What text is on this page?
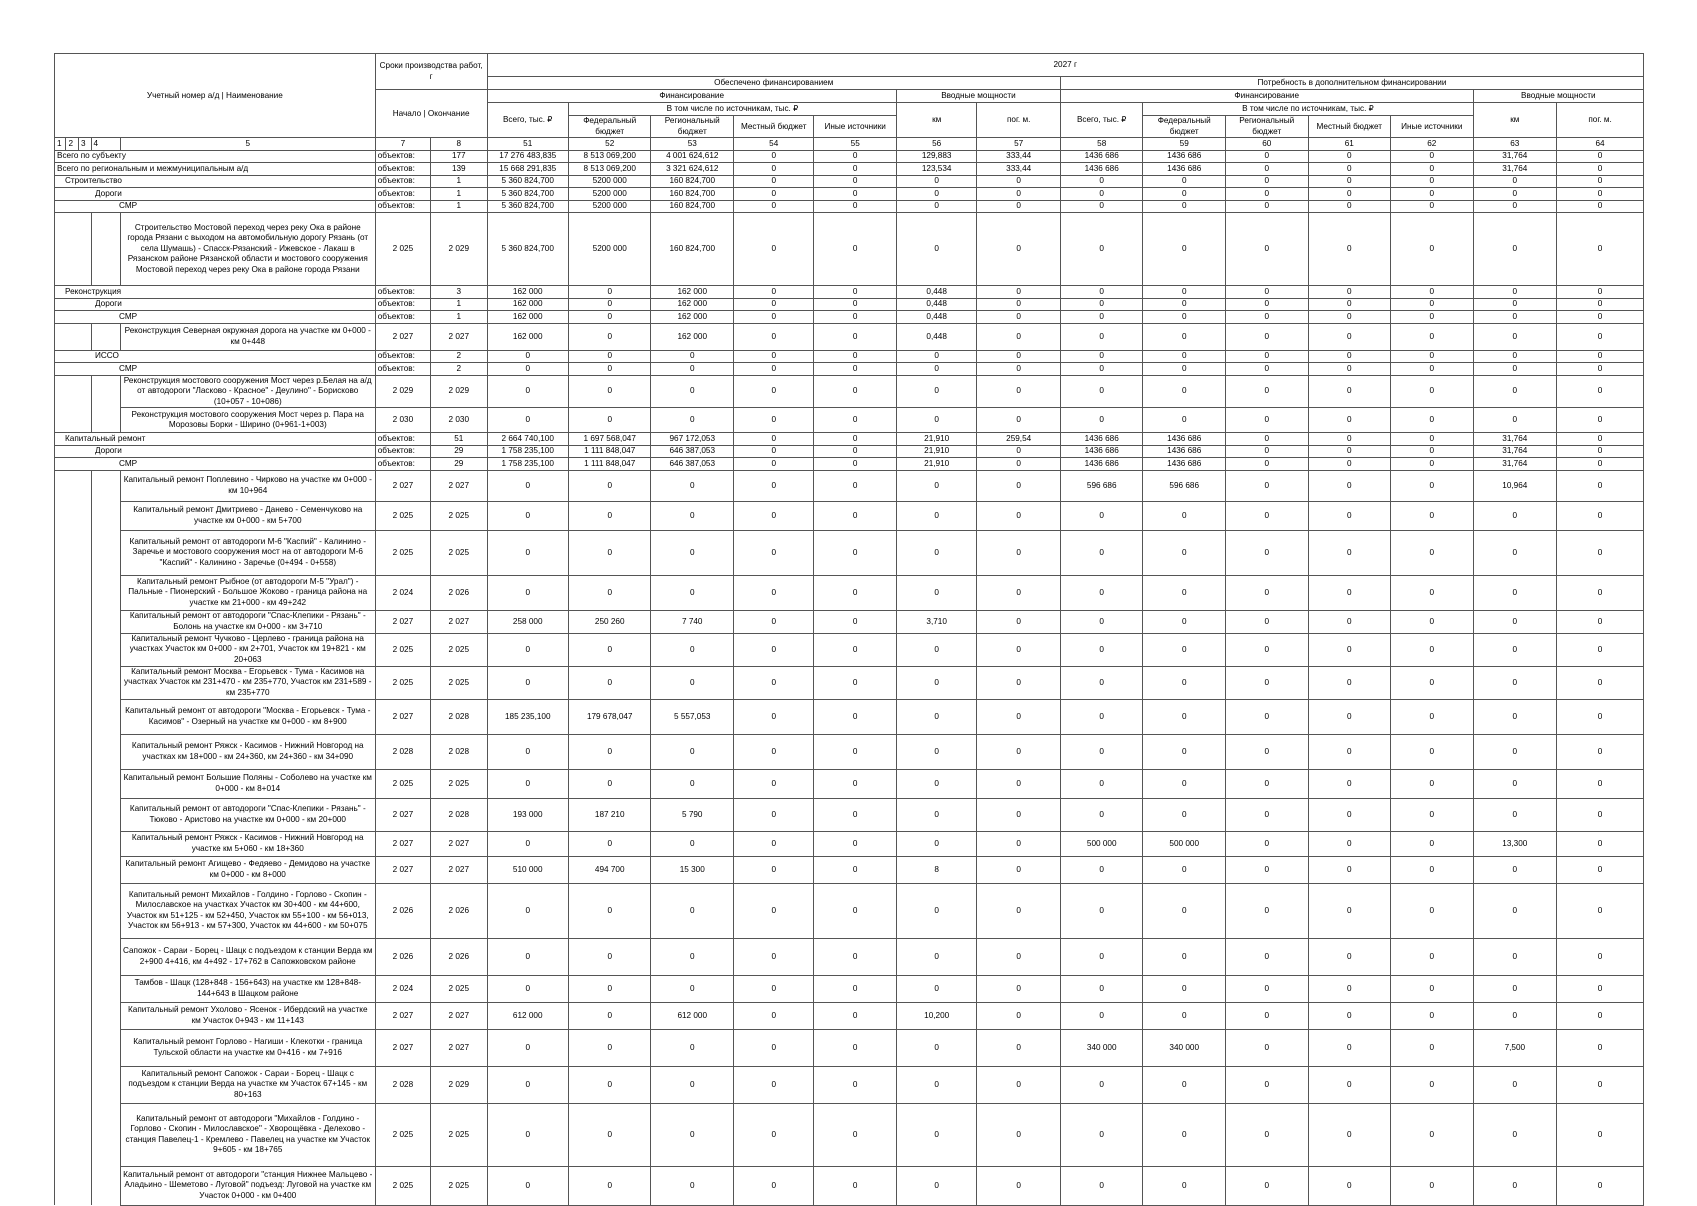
Учетный номер а/д | Наименование					Сроки производства работ, г		2027 г													
							Обеспечено финансированием							Потребность в дополнительном финансировании						
					Начало | Окончание		Финансирование					Вводные мощности		Финансирование					Вводные мощности	
							Всего, тыс. ₽	В том числе по источникам, тыс. ₽				км	пог. м.	Всего, тыс. ₽	В том числе по источникам, тыс. ₽				км	пог. м.
								Федеральный бюджет	Региональный бюджет	Местный бюджет	Иные источники				Федеральный бюджет	Региональный бюджет	Местный бюджет	Иные источники		
1	2	3	4	5	7	8	51	52	53	54	55	56	57	58	59	60	61	62	63	64
Всего по субъекту					объектов:	177	17 276 483,835	8 513 069,200	4 001 624,612	0	0	129,883	333,44	1436 686	1436 686	0	0	0	31,764	0
Всего по региональным и межмуниципальным а/д					объектов:	139	15 668 291,835	8 513 069,200	3 321 624,612	0	0	123,534	333,44	1436 686	1436 686	0	0	0	31,764	0
Строительство					объектов:	1	5 360 824,700	5200 000	160 824,700	0	0	0	0	0	0	0	0	0	0	0
Дороги					объектов:	1	5 360 824,700	5200 000	160 824,700	0	0	0	0	0	0	0	0	0	0	0
СМР					объектов:	1	5 360 824,700	5200 000	160 824,700	0	0	0	0	0	0	0	0	0	0	0
				Строительство Мостовой переход через реку Ока в районе города Рязани с выходом на автомобильную дорогу Рязань (от села Шумашь) - Спасск-Рязанский - Ижевское - Лакаш в Рязанском районе Рязанской области и мостового сооружения Мостовой переход через реку Ока в районе города Рязани	2 025	2 029	5 360 824,700	5200 000	160 824,700	0	0	0	0	0	0	0	0	0	0	0
Реконструкция					объектов:	3	162 000	0	162 000	0	0	0,448	0	0	0	0	0	0	0	0
Дороги					объектов:	1	162 000	0	162 000	0	0	0,448	0	0	0	0	0	0	0	0
СМР					объектов:	1	162 000	0	162 000	0	0	0,448	0	0	0	0	0	0	0	0
				Реконструкция Северная окружная дорога на участке км 0+000 - км 0+448	2 027	2 027	162 000	0	162 000	0	0	0,448	0	0	0	0	0	0	0	0
ИССО					объектов:	2	0	0	0	0	0	0	0	0	0	0	0	0	0	0
СМР					объектов:	2	0	0	0	0	0	0	0	0	0	0	0	0	0	0
				Реконструкция мостового сооружения Мост через р.Белая на а/д от автодороги "Ласково - Красное" - Деулино" - Борисково (10+057 - 10+086)	2 029	2 029	0	0	0	0	0	0	0	0	0	0	0	0	0	0
				Реконструкция мостового сооружения Мост через р. Пара на Морозовы Борки - Ширино (0+961-1+003)	2 030	2 030	0	0	0	0	0	0	0	0	0	0	0	0	0	0
Капитальный ремонт					объектов:	51	2 664 740,100	1 697 568,047	967 172,053	0	0	21,910	259,54	1436 686	1436 686	0	0	0	31,764	0
Дороги					объектов:	29	1 758 235,100	1 111 848,047	646 387,053	0	0	21,910	0	1436 686	1436 686	0	0	0	31,764	0
СМР					объектов:	29	1 758 235,100	1 111 848,047	646 387,053	0	0	21,910	0	1436 686	1436 686	0	0	0	31,764	0
				Капитальный ремонт Поплевино - Чирково на участке км 0+000 - км 10+964	2 027	2 027	0	0	0	0	0	0	0	596 686	596 686	0	0	0	10,964	0
				Капитальный ремонт Дмитриево - Данево - Семенчуково на участке км 0+000 - км 5+700	2 025	2 025	0	0	0	0	0	0	0	0	0	0	0	0	0	0
				Капитальный ремонт от автодороги М-6 "Каспий" - Калинино - Заречье и мостового сооружения мост на от автодороги М-6 "Каспий" - Калинино - Заречье (0+494 - 0+558)	2 025	2 025	0	0	0	0	0	0	0	0	0	0	0	0	0	0
				Капитальный ремонт Рыбное (от автодороги М-5 "Урал") - Пальные - Пионерский - Большое Жоково - граница района на участке км 21+000 - км 49+242	2 024	2 026	0	0	0	0	0	0	0	0	0	0	0	0	0	0
				Капитальный ремонт от автодороги "Спас-Клепики - Рязань" - Болонь на участке км 0+000 - км 3+710	2 027	2 027	258 000	250 260	7 740	0	0	3,710	0	0	0	0	0	0	0	0
				Капитальный ремонт Чучково - Церлево - граница района на участках Участок км 0+000 - км 2+701, Участок км 19+821 - км 20+063	2 025	2 025	0	0	0	0	0	0	0	0	0	0	0	0	0	0
				Капитальный ремонт Москва - Егорьевск - Тума - Касимов на участках Участок км 231+470 - км 235+770, Участок км 231+589 - км 235+770	2 025	2 025	0	0	0	0	0	0	0	0	0	0	0	0	0	0
				Капитальный ремонт от автодороги "Москва - Егорьевск - Тума - Касимов" - Озерный на участке км 0+000 - км 8+900	2 027	2 028	185 235,100	179 678,047	5 557,053	0	0	0	0	0	0	0	0	0	0	0
				Капитальный ремонт Ряжск - Касимов - Нижний Новгород на участках км 18+000 - км 24+360, км 24+360 - км 34+090	2 028	2 028	0	0	0	0	0	0	0	0	0	0	0	0	0	0
				Капитальный ремонт Большие Поляны - Соболево на участке км 0+000 - км 8+014	2 025	2 025	0	0	0	0	0	0	0	0	0	0	0	0	0	0
				Капитальный ремонт от автодороги "Спас-Клепики - Рязань" - Тюково - Аристово на участке км 0+000 - км 20+000	2 027	2 028	193 000	187 210	5 790	0	0	0	0	0	0	0	0	0	0	0
				Капитальный ремонт Ряжск - Касимов - Нижний Новгород на участке км 5+060 - км 18+360	2 027	2 027	0	0	0	0	0	0	0	500 000	500 000	0	0	0	13,300	0
				Капитальный ремонт Агищево - Федяево - Демидово на участке км 0+000 - км 8+000	2 027	2 027	510 000	494 700	15 300	0	0	8	0	0	0	0	0	0	0	0
				Капитальный ремонт Михайлов - Голдино - Горлово - Скопин - Милославское на участках Участок км 30+400 - км 44+600, Участок км 51+125 - км 52+450, Участок км 55+100 - км 56+013, Участок км 56+913 - км 57+300, Участок км 44+600 - км 50+075	2 026	2 026	0	0	0	0	0	0	0	0	0	0	0	0	0	0
				Сапожок - Сараи - Борец - Шацк с подъездом к станции Верда км 2+900 4+416, км 4+492 - 17+762 в Сапожковском районе	2 026	2 026	0	0	0	0	0	0	0	0	0	0	0	0	0	0
				Тамбов - Шацк (128+848 - 156+643) на участке км 128+848-144+643 в Шацком районе	2 024	2 025	0	0	0	0	0	0	0	0	0	0	0	0	0	0
				Капитальный ремонт Ухолово - Ясенок - Ибердский на участке км Участок 0+943 - км 11+143	2 027	2 027	612 000	0	612 000	0	0	10,200	0	0	0	0	0	0	0	0
				Капитальный ремонт Горлово - Нагиши - Клекотки - граница Тульской области на участке км 0+416 - км 7+916	2 027	2 027	0	0	0	0	0	0	0	340 000	340 000	0	0	0	7,500	0
				Капитальный ремонт Сапожок - Сараи - Борец - Шацк с подъездом к станции Верда на участке км Участок 67+145 - км 80+163	2 028	2 029	0	0	0	0	0	0	0	0	0	0	0	0	0	0
				Капитальный ремонт от автодороги "Михайлов - Голдино - Горлово - Скопин - Милославское" - Хворощёвка - Делехово - станция Павелец-1 - Кремлево - Павелец на участке км Участок 9+605 - км 18+765	2 025	2 025	0	0	0	0	0	0	0	0	0	0	0	0	0	0
				Капитальный ремонт от автодороги "станция Нижнее Мальцево - Аладьино - Шеметово - Луговой" подъезд: Луговой на участке км Участок 0+000 - км 0+400	2 025	2 025	0	0	0	0	0	0	0	0	0	0	0	0	0	0
